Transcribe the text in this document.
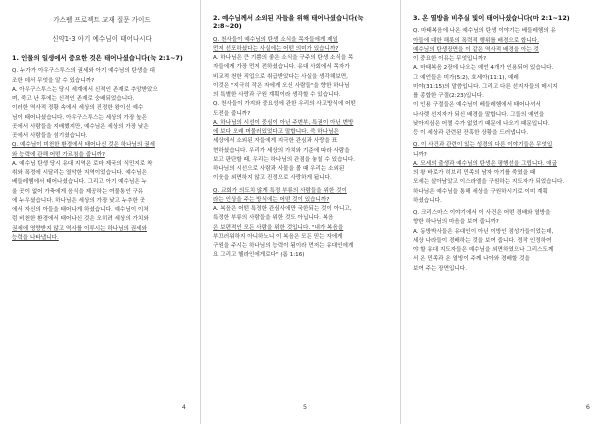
가스펠 프로젝트 교재 질문 가이드
신약1-3 아기 예수님이 태어나시다
1. 인물의 일생에서 중요한 것은 태어나셨습니다(눅 2:1~7)
Q. 누가가 아우구스투스의 권세와 아기 예수님의 탄생을 대
조한 데서 무엇을 알 수 있습니까?
A. 아우구스투스는 당시 세계에서 신적인 존재로 추앙받았으
며, 죽고 난 후에는 신격인 존재로 숭배되었습니다.
이러한 역사적 정황 속에서 세상의 진정한 왕이신 예수
님이 태어나셨습니다. 아우구스투스는 세상의 가장 높은
곳에서 사람들을 지배했지만, 예수님은 세상의 가장 낮은
곳에서 사람들을 섬기셨습니다.
Q. 예수님이 미천한 환경에서 태어나신 것은 하나님의 권세
와 능력에 관해 어떤 가르침을 줍니까?
A. 예수님 탄생 당시 유대 지역은 로마 제국의 식민지로 착
취와 폭정에 시달리는 열악한 지역이었습니다. 예수님은
베들레헴에서 태어나셨습니다. 그리고 아기 예수님은 누
울 곳이 없어 가축에게 음식을 제공하는 여물통인 구유
에 누우셨습니다. 하나님은 세상의 가장 낮고 누추한 곳
에서 자신의 아들을 태어나게 하셨습니다. 예수님이 이처
럼 비천한 환경에서 태어나신 것은 오히려 세상의 가치와
권세에 영향받지 않고 역사를 이루시는 하나님의 권세와
능력을 나타냅니다.
4
2. 예수님께서 소외된 자들을 위해 태어나셨습니다(눅 2:8~20)
Q. 천사들이 예수님의 탄생 소식을 목자들에게 제일
먼저 선포하셨다는 사실에는 어떤 의미가 있습니까?
A. 하나님은 큰 기쁨의 좋은 소식을 구주의 탄생 소식을 목
자들에게 가장 먼저 전하셨습니다. 유대 사회에서 목자가
비교적 천한 직업으로 취급받았다는 사실을 생각해보면,
이것은 "지극히 작은 자에게 오신 사람들"을 향한 하나님
의 특별한 사랑과 구원 계획이라 생각할 수 있습니다.
Q. 천사들이 가지와 중요성에 관한 우리의 사고방식에 어떤
도전을 줍니까?
A. 하나님의 시선이 중심이 아닌 주변부, 특권이 아닌 변방
에 보다 오래 머물러있었다고 말합니다. 즉 하나님은
세상에서 소외된 자들에게 지극한 관심과 사랑을 표
현하셨습니다. 우리가 세상의 가치와 기준에 따라 사람을
보고 판단할 때, 우리는 하나님의 관점을 놓칠 수 있습니다.
하나님의 시선으로 사람과 사물을 볼 때 우리는 소외된
이웃을 외면하지 않고 진정으로 사랑하게 됩니다.
Q. 교회가 의도치 않게 특정 부류의 사람들을 위한 것이
라는 인상을 주는 방식에는 어떤 것이 있습니까?
A. 복음은 어떤 특정한 관심사에만 국한되는 것이 아니고,
특정한 부류의 사람들을 위한 것도 아닙니다. 복음
은 보편적인 모든 사람을 위한 것입니다. "내가 복음을
부끄러워하지 아니하노니 이 복음은 모든 믿는 자에게
구원을 주시는 하나님의 능력이 됨이라 먼저는 유대인에게
요 그리고 헬라인에게로다" (롬 1:16)
5
3. 온 열방을 비추실 빛이 태어나셨습니다(마 2:1~12)
Q. 마태복음에 나온 예수님의 탄생 이야기는 베들레헴의 유
아들에 대한 해롯의 폭력적 행위를 배경으로 합니다.
예수님의 탄생장면을 이 같은 역사적 배경을 아는 것
이 중요한 이유는 무엇입니까?
A. 마태복음 2장에 나오는 예언 4개가 인용되어 있습니다.
그 예언들은 미가(5:2), 호세아(11:1), 예레
미야(31:15)의 말씀입니다. 그리고 다른 선지자들의 메시지
를 종합한 구절(2:23)입니다.
이 인용 구절들은 예수님이 베들레헴에서 태어나셔서
나사렛 선지자가 되신 배경을 말합니다. 그들의 예언을
낮아지심은 어쩔 수가 없었기 때문에 나오기 때문입니다.
등 이 세상과 관련된 잔혹한 상황을 드러냅니다.
Q. 이 사건과 관련이 있는 성경의 다른 이야기들은 무엇입
니까?
A. 모세의 출생과 예수님의 탄생은 평행선을 그립니다. 애굽
의 왕 바로가 히브리 민족의 남자 아기를 죽였을 때
모세는 살아남았고 이스라엘을 구원하는 지도자가 되었습니다.
하나님은 예수님을 통해 세상을 구원하시기로 이미 계획
하셨습니다.
Q. 크리스마스 이야기에서 이 사건은 어떤 경배와 열방을
향한 하나님의 마음을 보여 줍니까?
A. 동방박사들은 유대인이 아닌 이방인 점성가들이었는데,
세상 나라들이 경배하는 것을 보여 줍니다. 정작 인정하여
야 할 유대 지도자들은 예수님을 외면하였으나 그리스도께
서 온 민족과 온 열방이 주께 나아와 경배할 것을
보여 주는 장면입니다.
6
